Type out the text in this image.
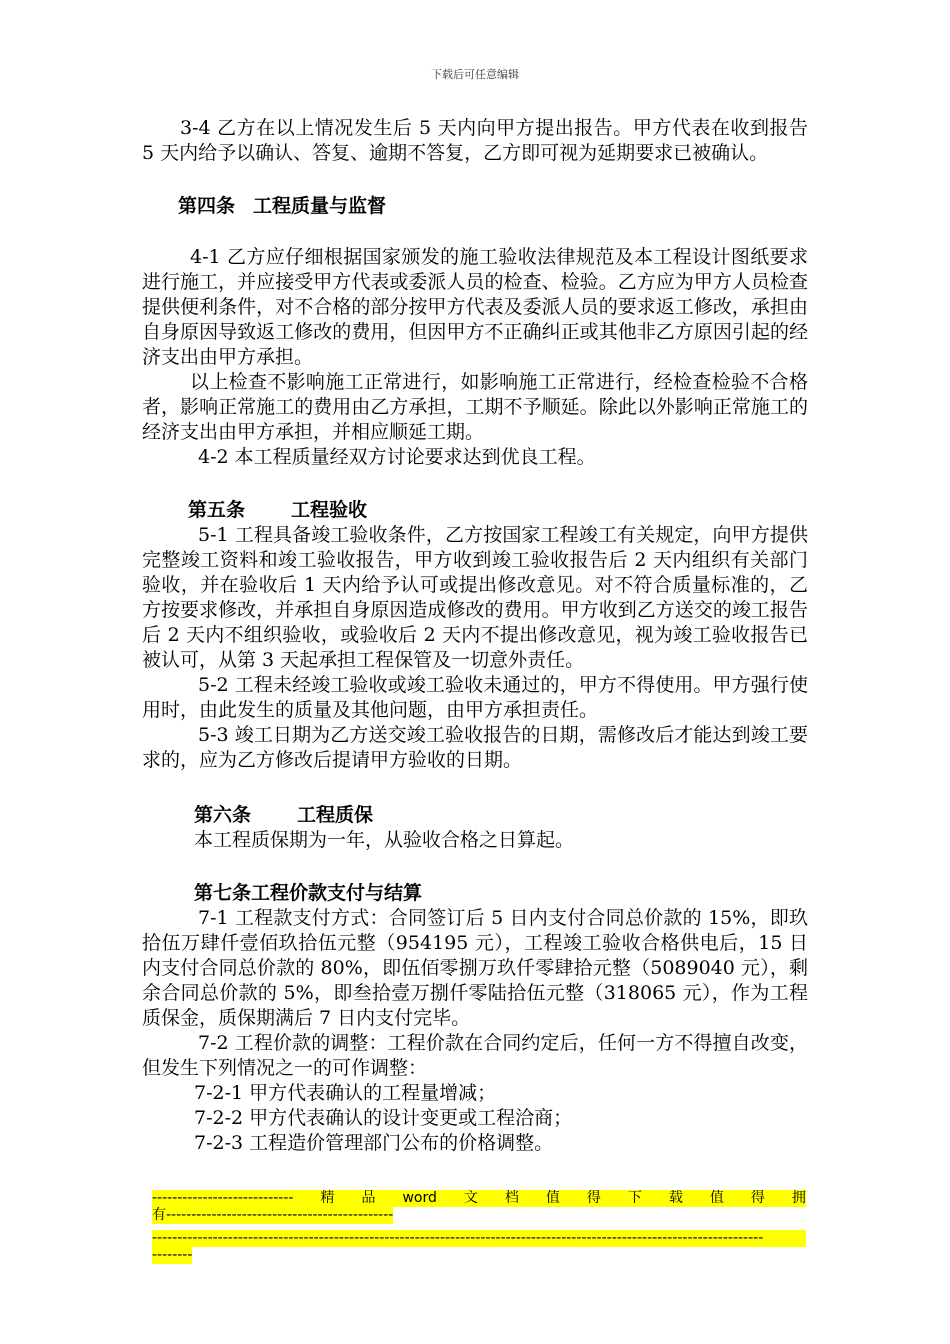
下载后可任意编辑

3-4 乙方在以上情况发生后 5 天内向甲方提出报告。甲方代表在收到报告 5 天内给予以确认、答复、逾期不答复，乙方即可视为延期要求已被确认。

第四条 工程质量与监督

4-1 乙方应仔细根据国家颁发的施工验收法律规范及本工程设计图纸要求进行施工，并应接受甲方代表或委派人员的检查、检验。乙方应为甲方人员检查提供便利条件，对不合格的部分按甲方代表及委派人员的要求返工修改，承担由自身原因导致返工修改的费用，但因甲方不正确纠正或其他非乙方原因引起的经济支出由甲方承担。

以上检查不影响施工正常进行，如影响施工正常进行，经检查检验不合格者，影响正常施工的费用由乙方承担，工期不予顺延。除此以外影响正常施工的经济支出由甲方承担，并相应顺延工期。

4-2 本工程质量经双方讨论要求达到优良工程。

第五条 工程验收

5-1 工程具备竣工验收条件，乙方按国家工程竣工有关规定，向甲方提供完整竣工资料和竣工验收报告，甲方收到竣工验收报告后 2 天内组织有关部门验收，并在验收后 1 天内给予认可或提出修改意见。对不符合质量标准的，乙方按要求修改，并承担自身原因造成修改的费用。甲方收到乙方送交的竣工报告后 2 天内不组织验收，或验收后 2 天内不提出修改意见，视为竣工验收报告已被认可，从第 3 天起承担工程保管及一切意外责任。

5-2 工程未经竣工验收或竣工验收未通过的，甲方不得使用。甲方强行使用时，由此发生的质量及其他问题，由甲方承担责任。

5-3 竣工日期为乙方送交竣工验收报告的日期，需修改后才能达到竣工要求的，应为乙方修改后提请甲方验收的日期。

第六条 工程质保

本工程质保期为一年，从验收合格之日算起。

第七条工程价款支付与结算

7-1 工程款支付方式：合同签订后 5 日内支付合同总价款的 15%，即玖拾伍万肆仟壹佰玖拾伍元整（954195 元），工程竣工验收合格供电后，15 日内支付合同总价款的 80%，即伍佰零捌万玖仟零肆拾元整（5089040 元），剩余合同总价款的 5%，即叁拾壹万捌仟零陆拾伍元整（318065 元），作为工程质保金，质保期满后 7 日内支付完毕。

7-2 工程价款的调整：工程价款在合同约定后，任何一方不得擅自改变，但发生下列情况之一的可作调整：

7-2-1 甲方代表确认的工程量增减；

7-2-2 甲方代表确认的设计变更或工程洽商；

7-2-3 工程造价管理部门公布的价格调整。

---------------------------- 精 品 word 文 档 值 得 下 载 值 得 拥
有---------------------------------------------
-------------------------------------------------------------------------------------------------------------------------
--------
